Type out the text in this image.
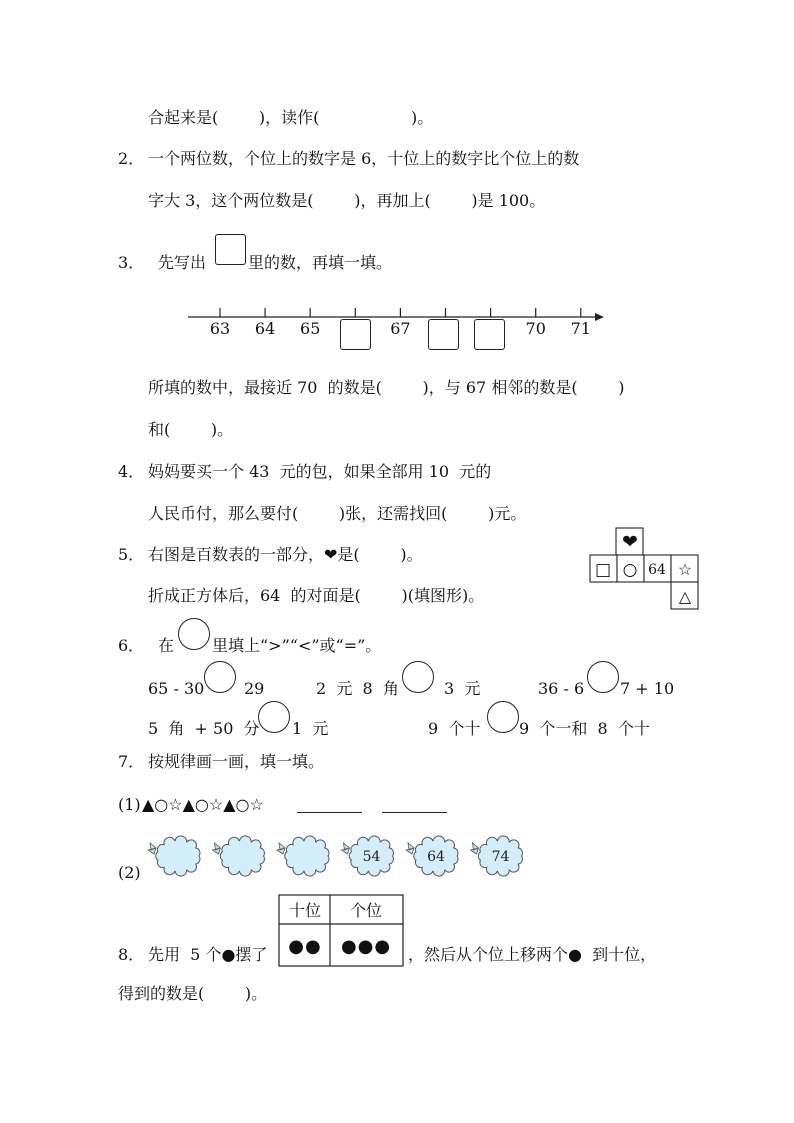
合起来是(        )，读作(                  )。
2． 一个两位数，个位上的数字是 6，十位上的数字比个位上的数
字大 3，这个两位数是(        )，再加上(        )是 100。
3． 先写出	里的数，再填一填。
63 64 65	67	70 71
所填的数中，最接近 70  的数是(        )，与 67 相邻的数是(        )
和(        )。
4． 妈妈要买一个 43  元的包，如果全部用 10  元的
人民币付，那么要付(        )张，还需找回(        )元。
5． 右图是百数表的一部分，❤是(        )。
折成正方体后，64  的对面是(        )(填图形)。
❤
□ ○ 64 ☆
△
6． 在 里填上“>”“<”或“=”。
65 - 30 29	2  元  8  角	3  元	36 - 6 7 + 10
5  角  + 50  分 1  元	9  个十 9  个一和  8  个十
7． 按规律画一画，填一填。
(1) ▲○☆▲○☆▲○☆
(2)
54	64	74
8． 先用  5 个●摆了
十位 个位
●● ●●● ，然后从个位上移两个●  到十位，
得到的数是(        )。
